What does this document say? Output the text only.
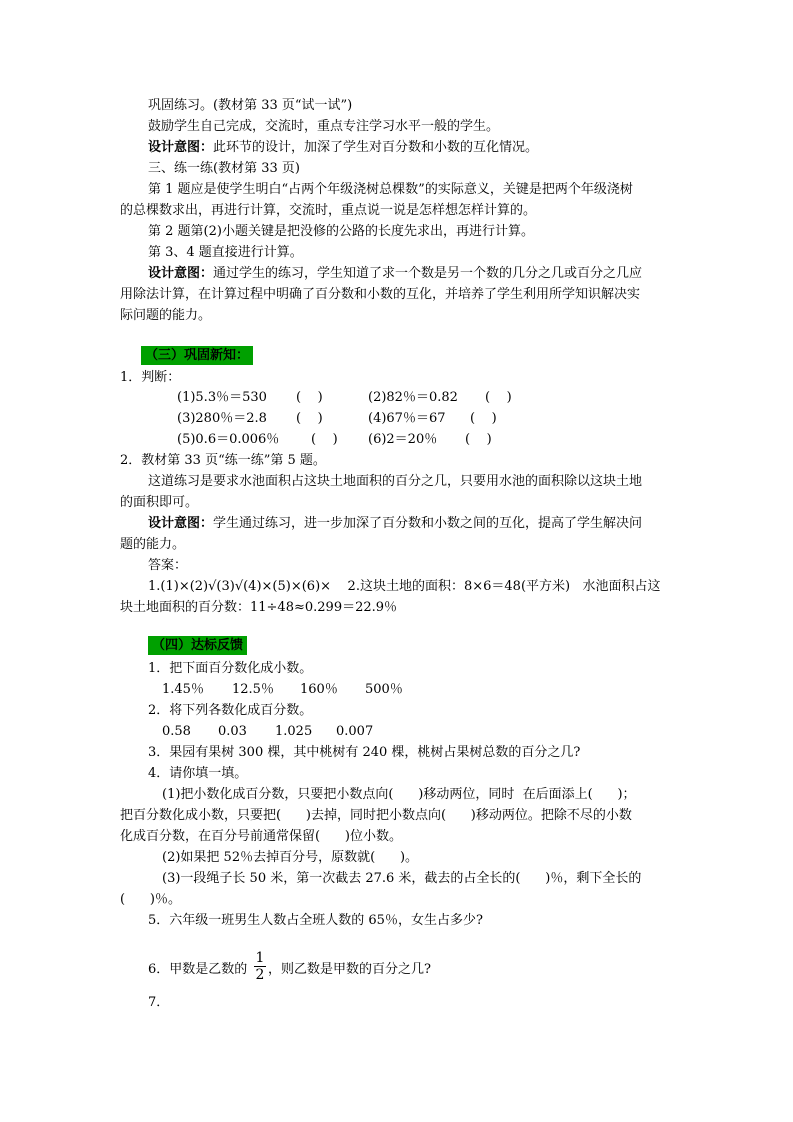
巩固练习。(教材第 33 页“试一试”)
鼓励学生自己完成，交流时，重点专注学习水平一般的学生。
设计意图：此环节的设计，加深了学生对百分数和小数的互化情况。
三、练一练(教材第 33 页)
第 1 题应是使学生明白“占两个年级浇树总棵数”的实际意义，关键是把两个年级浇树
的总棵数求出，再进行计算，交流时，重点说一说是怎样想怎样计算的。
第 2 题第(2)小题关键是把没修的公路的长度先求出，再进行计算。
第 3、4 题直接进行计算。
设计意图：通过学生的练习，学生知道了求一个数是另一个数的几分之几或百分之几应
用除法计算，在计算过程中明确了百分数和小数的互化，并培养了学生利用所学知识解决实
际问题的能力。
（三）巩固新知：
1．判断：
(1)5.3％＝530 (    )	(2)82％＝0.82 (    )
(3)280％＝2.8 (    )	(4)67％＝67 (    )
(5)0.6＝0.006％ (    ) (6)2＝20％ (    )
2．教材第 33 页“练一练”第 5 题。
这道练习是要求水池面积占这块土地面积的百分之几，只要用水池的面积除以这块土地
的面积即可。
设计意图：学生通过练习，进一步加深了百分数和小数之间的互化，提高了学生解决问
题的能力。
答案：
1.(1)×(2)√(3)√(4)×(5)×(6)×    2.这块土地的面积：8×6＝48(平方米)   水池面积占这
块土地面积的百分数：11÷48≈0.299＝22.9％
（四）达标反馈
1．把下面百分数化成小数。
1.45％ 12.5％ 160％ 500％
2．将下列各数化成百分数。
0.58 0.03 1.025 0.007
3．果园有果树 300 棵，其中桃树有 240 棵，桃树占果树总数的百分之几?
4．请你填一填。
(1)把小数化成百分数，只要把小数点向(      )移动两位，同时  在后面添上(      )；
把百分数化成小数，只要把(      )去掉，同时把小数点向(      )移动两位。把除不尽的小数
化成百分数，在百分号前通常保留(      )位小数。
(2)如果把 52％去掉百分号，原数就(      )。
(3)一段绳子长 50 米，第一次截去 27.6 米，截去的占全长的(      )％，剩下全长的
(      )％。
5．六年级一班男生人数占全班人数的 65％，女生占多少?
6．甲数是乙数的
1
2 ，则乙数是甲数的百分之几?
7．
